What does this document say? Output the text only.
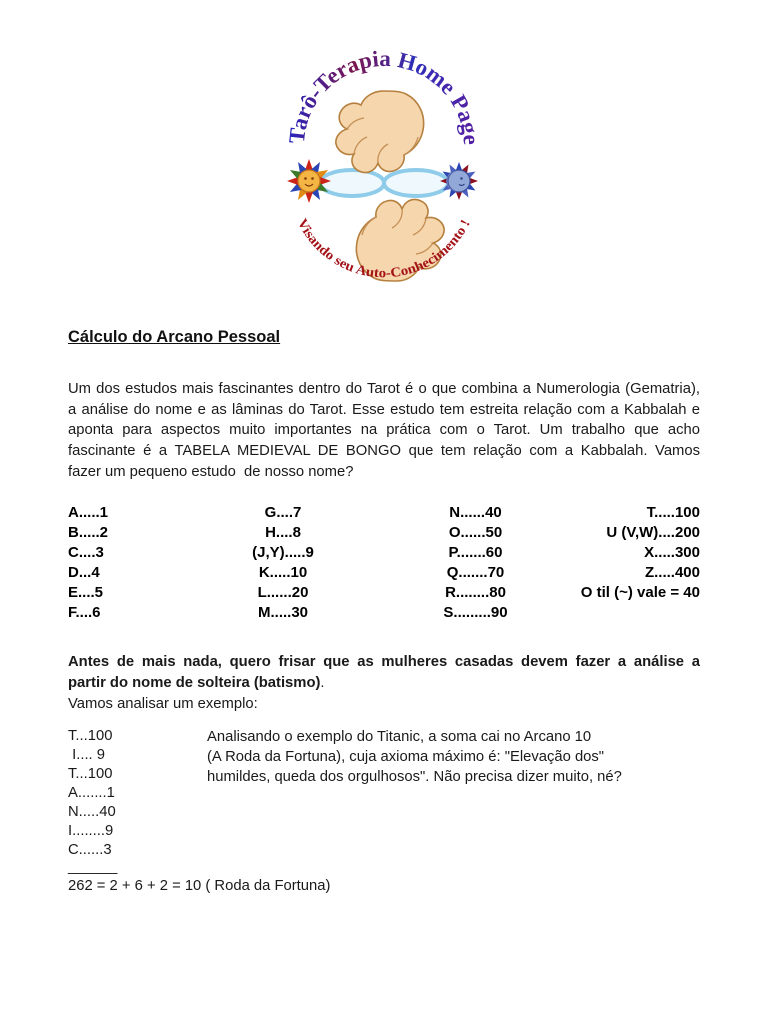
Tarô-Terapia Home Page
Visando seu Auto-Conhecimento !
Cálculo do Arcano Pessoal
Um dos estudos mais fascinantes dentro do Tarot é o que combina a Numerologia (Gematria),
a análise do nome e as lâminas do Tarot. Esse estudo tem estreita relação com a Kabbalah e
aponta para aspectos muito importantes na prática com o Tarot. Um trabalho que acho
fascinante é a TABELA MEDIEVAL DE BONGO que tem relação com a Kabbalah. Vamos
fazer um pequeno estudo  de nosso nome?
A.....1	G....7	N......40	T.....100
B.....2	H....8	O......50	U (V,W)....200
C....3	(J,Y).....9	P.......60	X.....300
D...4	K.....10	Q.......70	Z.....400
E....5	L......20	R........80	O til (~) vale = 40
F....6	M.....30	S.........90
Antes de mais nada, quero frisar que as mulheres casadas devem fazer a análise a
partir do nome de solteira (batismo).
Vamos analisar um exemplo:
T...100
I.... 9
T...100
A.......1
N.....40
I........9
C......3
______
262 = 2 + 6 + 2 = 10 ( Roda da Fortuna)
Analisando o exemplo do Titanic, a soma cai no Arcano 10
(A Roda da Fortuna), cuja axioma máximo é: "Elevação dos"
humildes, queda dos orgulhosos". Não precisa dizer muito, né?
